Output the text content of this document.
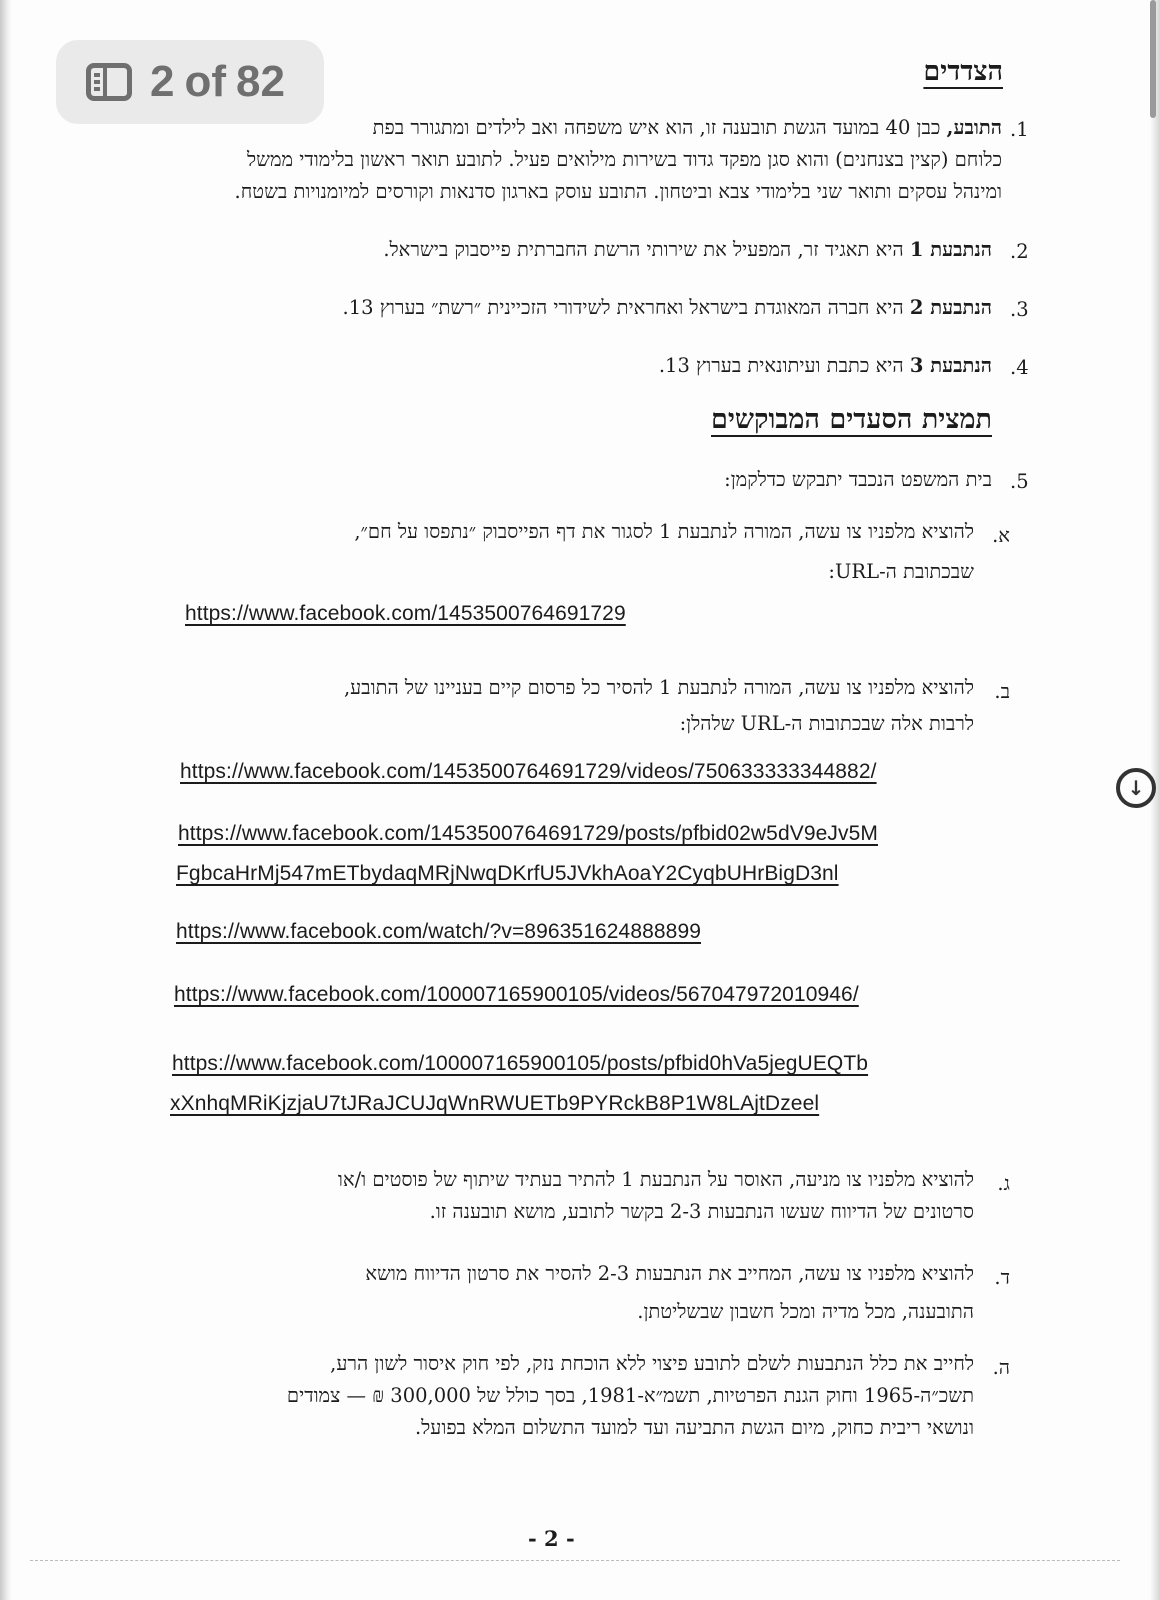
הצדדים
.1
התובע, כבן 40 במועד הגשת תובענה זו, הוא איש משפחה ואב לילדים ומתגורר בפת
כלוחם (קצין בצנחנים) והוא סגן מפקד גדוד בשירות מילואים פעיל. לתובע תואר ראשון בלימודי ממשל
ומינהל עסקים ותואר שני בלימודי צבא וביטחון. התובע עוסק בארגון סדנאות וקורסים למיומנויות בשטח.
.2
הנתבעת 1 היא תאגיד זר, המפעיל את שירותי הרשת החברתית פייסבוק בישראל.
.3
הנתבעת 2 היא חברה המאוגדת בישראל ואחראית לשידורי הזכיינית ״רשת״ בערוץ 13.
.4
הנתבעת 3 היא כתבת ועיתונאית בערוץ 13.
תמצית הסעדים המבוקשים
.5
בית המשפט הנכבד יתבקש כדלקמן:
א.
להוציא מלפניו צו עשה, המורה לנתבעת 1 לסגור את דף הפייסבוק ״נתפסו על חם״,
שבכתובת ה-URL:
https://www.facebook.com/1453500764691729
ב.
להוציא מלפניו צו עשה, המורה לנתבעת 1 להסיר כל פרסום קיים בעניינו של התובע,
לרבות אלה שבכתובות ה-URL שלהלן:
https://www.facebook.com/1453500764691729/videos/750633333344882/
https://www.facebook.com/1453500764691729/posts/pfbid02w5dV9eJv5M
FgbcaHrMj547mETbydaqMRjNwqDKrfU5JVkhAoaY2CyqbUHrBigD3nl
https://www.facebook.com/watch/?v=896351624888899
https://www.facebook.com/100007165900105/videos/567047972010946/
https://www.facebook.com/100007165900105/posts/pfbid0hVa5jegUEQTb
xXnhqMRiKjzjaU7tJRaJCUJqWnRWUETb9PYRckB8P1W8LAjtDzeel
ג.
להוציא מלפניו צו מניעה, האוסר על הנתבעת 1 להתיר בעתיד שיתוף של פוסטים ו/או
סרטונים של הדיווח שעשו הנתבעות 2-3 בקשר לתובע, מושא תובענה זו.
ד.
להוציא מלפניו צו עשה, המחייב את הנתבעות 2-3 להסיר את סרטון הדיווח מושא
התובענה, מכל מדיה ומכל חשבון שבשליטתן.
ה.
לחייב את כלל הנתבעות לשלם לתובע פיצוי ללא הוכחת נזק, לפי חוק איסור לשון הרע,
תשכ״ה-1965 וחוק הגנת הפרטיות, תשמ״א-1981, בסך כולל של 300,000 ₪ — צמודים
ונושאי ריבית כחוק, מיום הגשת התביעה ועד למועד התשלום המלא בפועל.
- 2 -
↓
2 of 82
